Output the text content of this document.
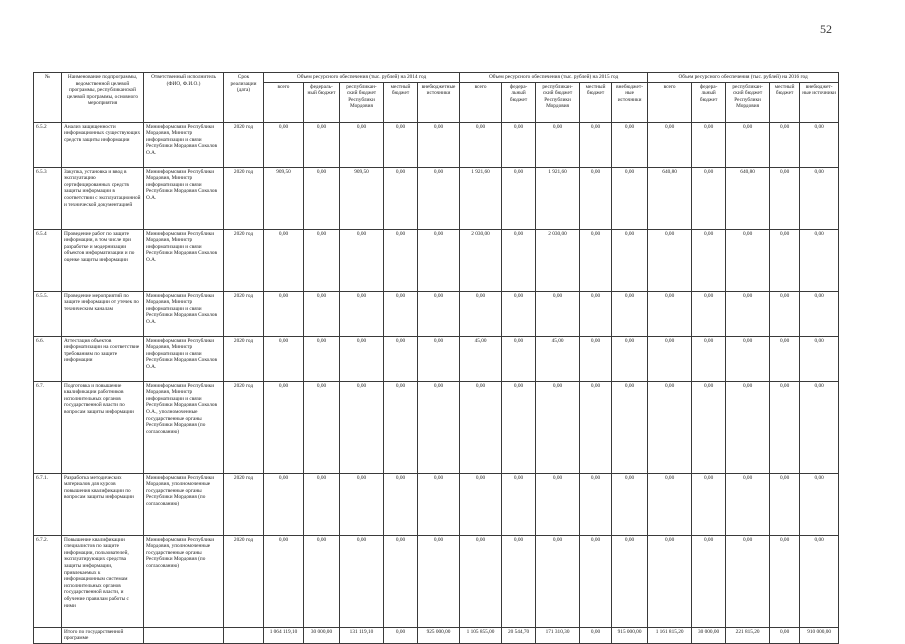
52
№	Наименование подпрограммы, ведомственной целевой программы, республиканской целевой программы, основного мероприятия	Ответственный исполнитель (ФИО, Ф.И.О.)	Срок реализации (дата)	Объем ресурсного обеспечения (тыс. рублей) на 2014 год					Объем ресурсного обеспечения (тыс. рублей) на 2015 год					Объем ресурсного обеспечения (тыс. рублей) на 2016 год				
				всего	федераль-ный бюджет	республикан-ский бюджет Республики Мордовия	местный бюджет	внебюджетные источники	всего	федера-льный бюджет	республикан-ский бюджет Республики Мордовия	местный бюджет	внебюджет-ные источники	всего	федера-льный бюджет	республикан-ский бюджет Республики Мордовия	местный бюджет	внебюджет-ные источники
6.5.2	Анализ защищенности информационных существующих средств защиты информации	Мининформсвязи Республики Мордовия, Министр информатизации и связи Республики Мордовия Соколов О.А.	2020 год	0,00	0,00	0,00	0,00	0,00	0,00	0,00	0,00	0,00	0,00	0,00	0,00	0,00	0,00	0,00
6.5.3	Закупка, установка и ввод в эксплуатацию сертифицированных средств защиты информации в соответствии с эксплуатационной и технической документацией	Мининформсвязи Республики Мордовия, Министр информатизации и связи Республики Мордовия Соколов О.А.	2020 год	909,50	0,00	909,50	0,00	0,00	1 921,60	0,00	1 921,60	0,00	0,00	640,80	0,00	640,80	0,00	0,00
6.5.4	Проведение работ по защите информации, в том числе при разработке и модернизации объектов информатизации и по оценке защиты информации	Мининформсвязи Республики Мордовия, Министр информатизации и связи Республики Мордовия Соколов О.А.	2020 год	0,00	0,00	0,00	0,00	0,00	2 030,00	0,00	2 030,00	0,00	0,00	0,00	0,00	0,00	0,00	0,00
6.5.5.	Проведение мероприятий по защите информации от утечек по техническим каналам	Мининформсвязи Республики Мордовия, Министр информатизации и связи Республики Мордовия Соколов О.А.	2020 год	0,00	0,00	0,00	0,00	0,00	0,00	0,00	0,00	0,00	0,00	0,00	0,00	0,00	0,00	0,00
6.6.	Аттестация объектов информатизации на соответствие требованиям по защите информации	Мининформсвязи Республики Мордовия, Министр информатизации и связи Республики Мордовия Соколов О.А.	2020 год	0,00	0,00	0,00	0,00	0,00	45,00	0,00	45,00	0,00	0,00	0,00	0,00	0,00	0,00	0,00
6.7.	Подготовка и повышение квалификации работников исполнительных органов государственной власти по вопросам защиты информации	Мининформсвязи Республики Мордовия, Министр информатизации и связи Республики Мордовия Соколов О.А., уполномоченные государственные органы Республики Мордовия (по согласованию)	2020 год	0,00	0,00	0,00	0,00	0,00	0,00	0,00	0,00	0,00	0,00	0,00	0,00	0,00	0,00	0,00
6.7.1.	Разработка методических материалов для курсов повышения квалификации по вопросам защиты информации	Мининформсвязи Республики Мордовия, уполномоченные государственные органы Республики Мордовия (по согласованию)	2020 год	0,00	0,00	0,00	0,00	0,00	0,00	0,00	0,00	0,00	0,00	0,00	0,00	0,00	0,00	0,00
6.7.2.	Повышение квалификации специалистов по защите информации, пользователей, эксплуатирующих средства защиты информации, привлекаемых к информационным системам исполнительных органов государственной власти, и обучение правилам работы с ними	Мининформсвязи Республики Мордовия, уполномоченные государственные органы Республики Мордовия (по согласованию)	2020 год	0,00	0,00	0,00	0,00	0,00	0,00	0,00	0,00	0,00	0,00	0,00	0,00	0,00	0,00	0,00
	Итого по государственной программе			1 064 119,10	30 000,00	131 119,10	0,00	925 000,00	1 105 855,00	20 544,70	171 310,30	0,00	915 000,00	1 161 815,20	30 000,00	221 815,20	0,00	910 000,00
